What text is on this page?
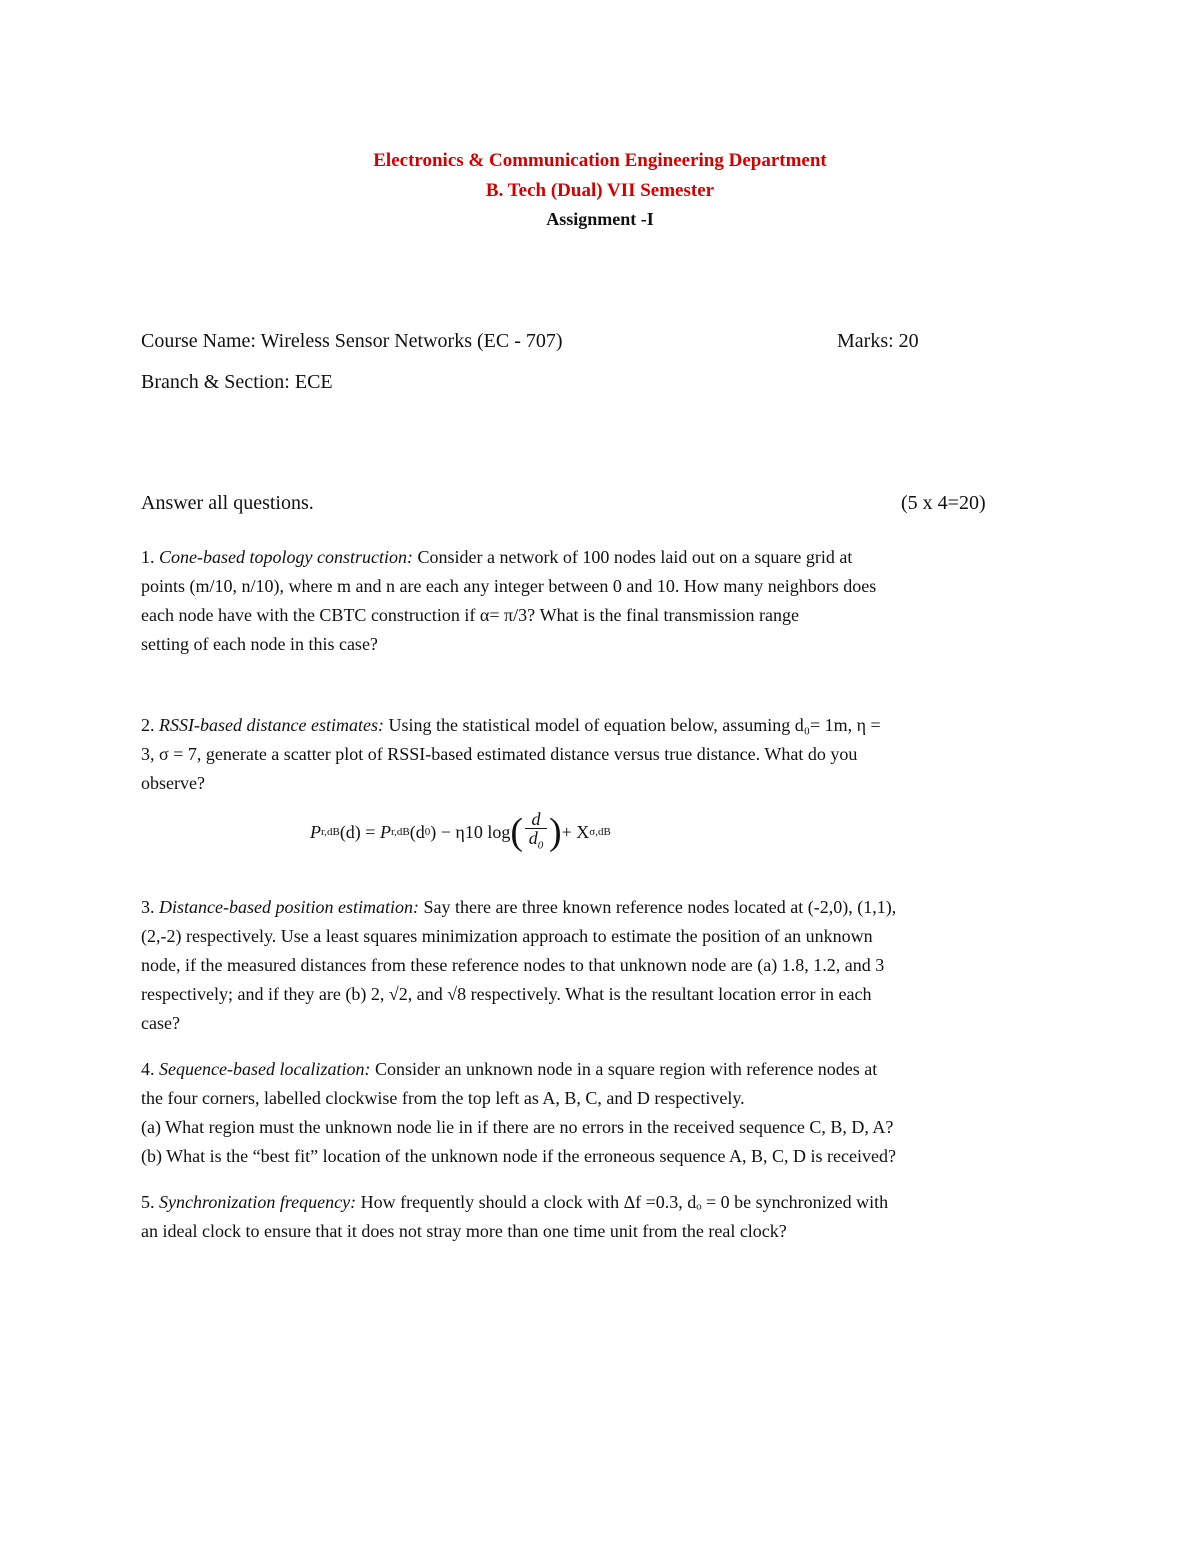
Electronics & Communication Engineering Department
B. Tech (Dual) VII Semester
Assignment -I
Course Name: Wireless Sensor Networks (EC - 707)	Marks: 20
Branch & Section: ECE
Answer all questions.	(5 x 4=20)

1. Cone-based topology construction: Consider a network of 100 nodes laid out on a square grid at

points (m/10, n/10), where m and n are each any integer between 0 and 10. How many neighbors does

each node have with the CBTC construction if α= π/3? What is the final transmission range

setting of each node in this case?

2. RSSI-based distance estimates: Using the statistical model of equation below, assuming d₀= 1m, η =

3, σ = 7, generate a scatter plot of RSSI-based estimated distance versus true distance. What do you

observe?

P r,dB (d) =
P r,dB (d 0 ) − η10 log ( $\frac{d}{d_0}$ ) + X σ,dB

3. Distance-based position estimation: Say there are three known reference nodes located at (-2,0), (1,1),

(2,-2) respectively. Use a least squares minimization approach to estimate the position of an unknown

node, if the measured distances from these reference nodes to that unknown node are (a) 1.8, 1.2, and 3

respectively; and if they are (b) 2, √2, and √8 respectively. What is the resultant location error in each

case?

4. Sequence-based localization: Consider an unknown node in a square region with reference nodes at

the four corners, labelled clockwise from the top left as A, B, C, and D respectively.

(a) What region must the unknown node lie in if there are no errors in the received sequence C, B, D, A?

(b) What is the “best fit” location of the unknown node if the erroneous sequence A, B, C, D is received?

5. Synchronization frequency: How frequently should a clock with Δf =0.3, dₒ = 0 be synchronized with

an ideal clock to ensure that it does not stray more than one time unit from the real clock?
